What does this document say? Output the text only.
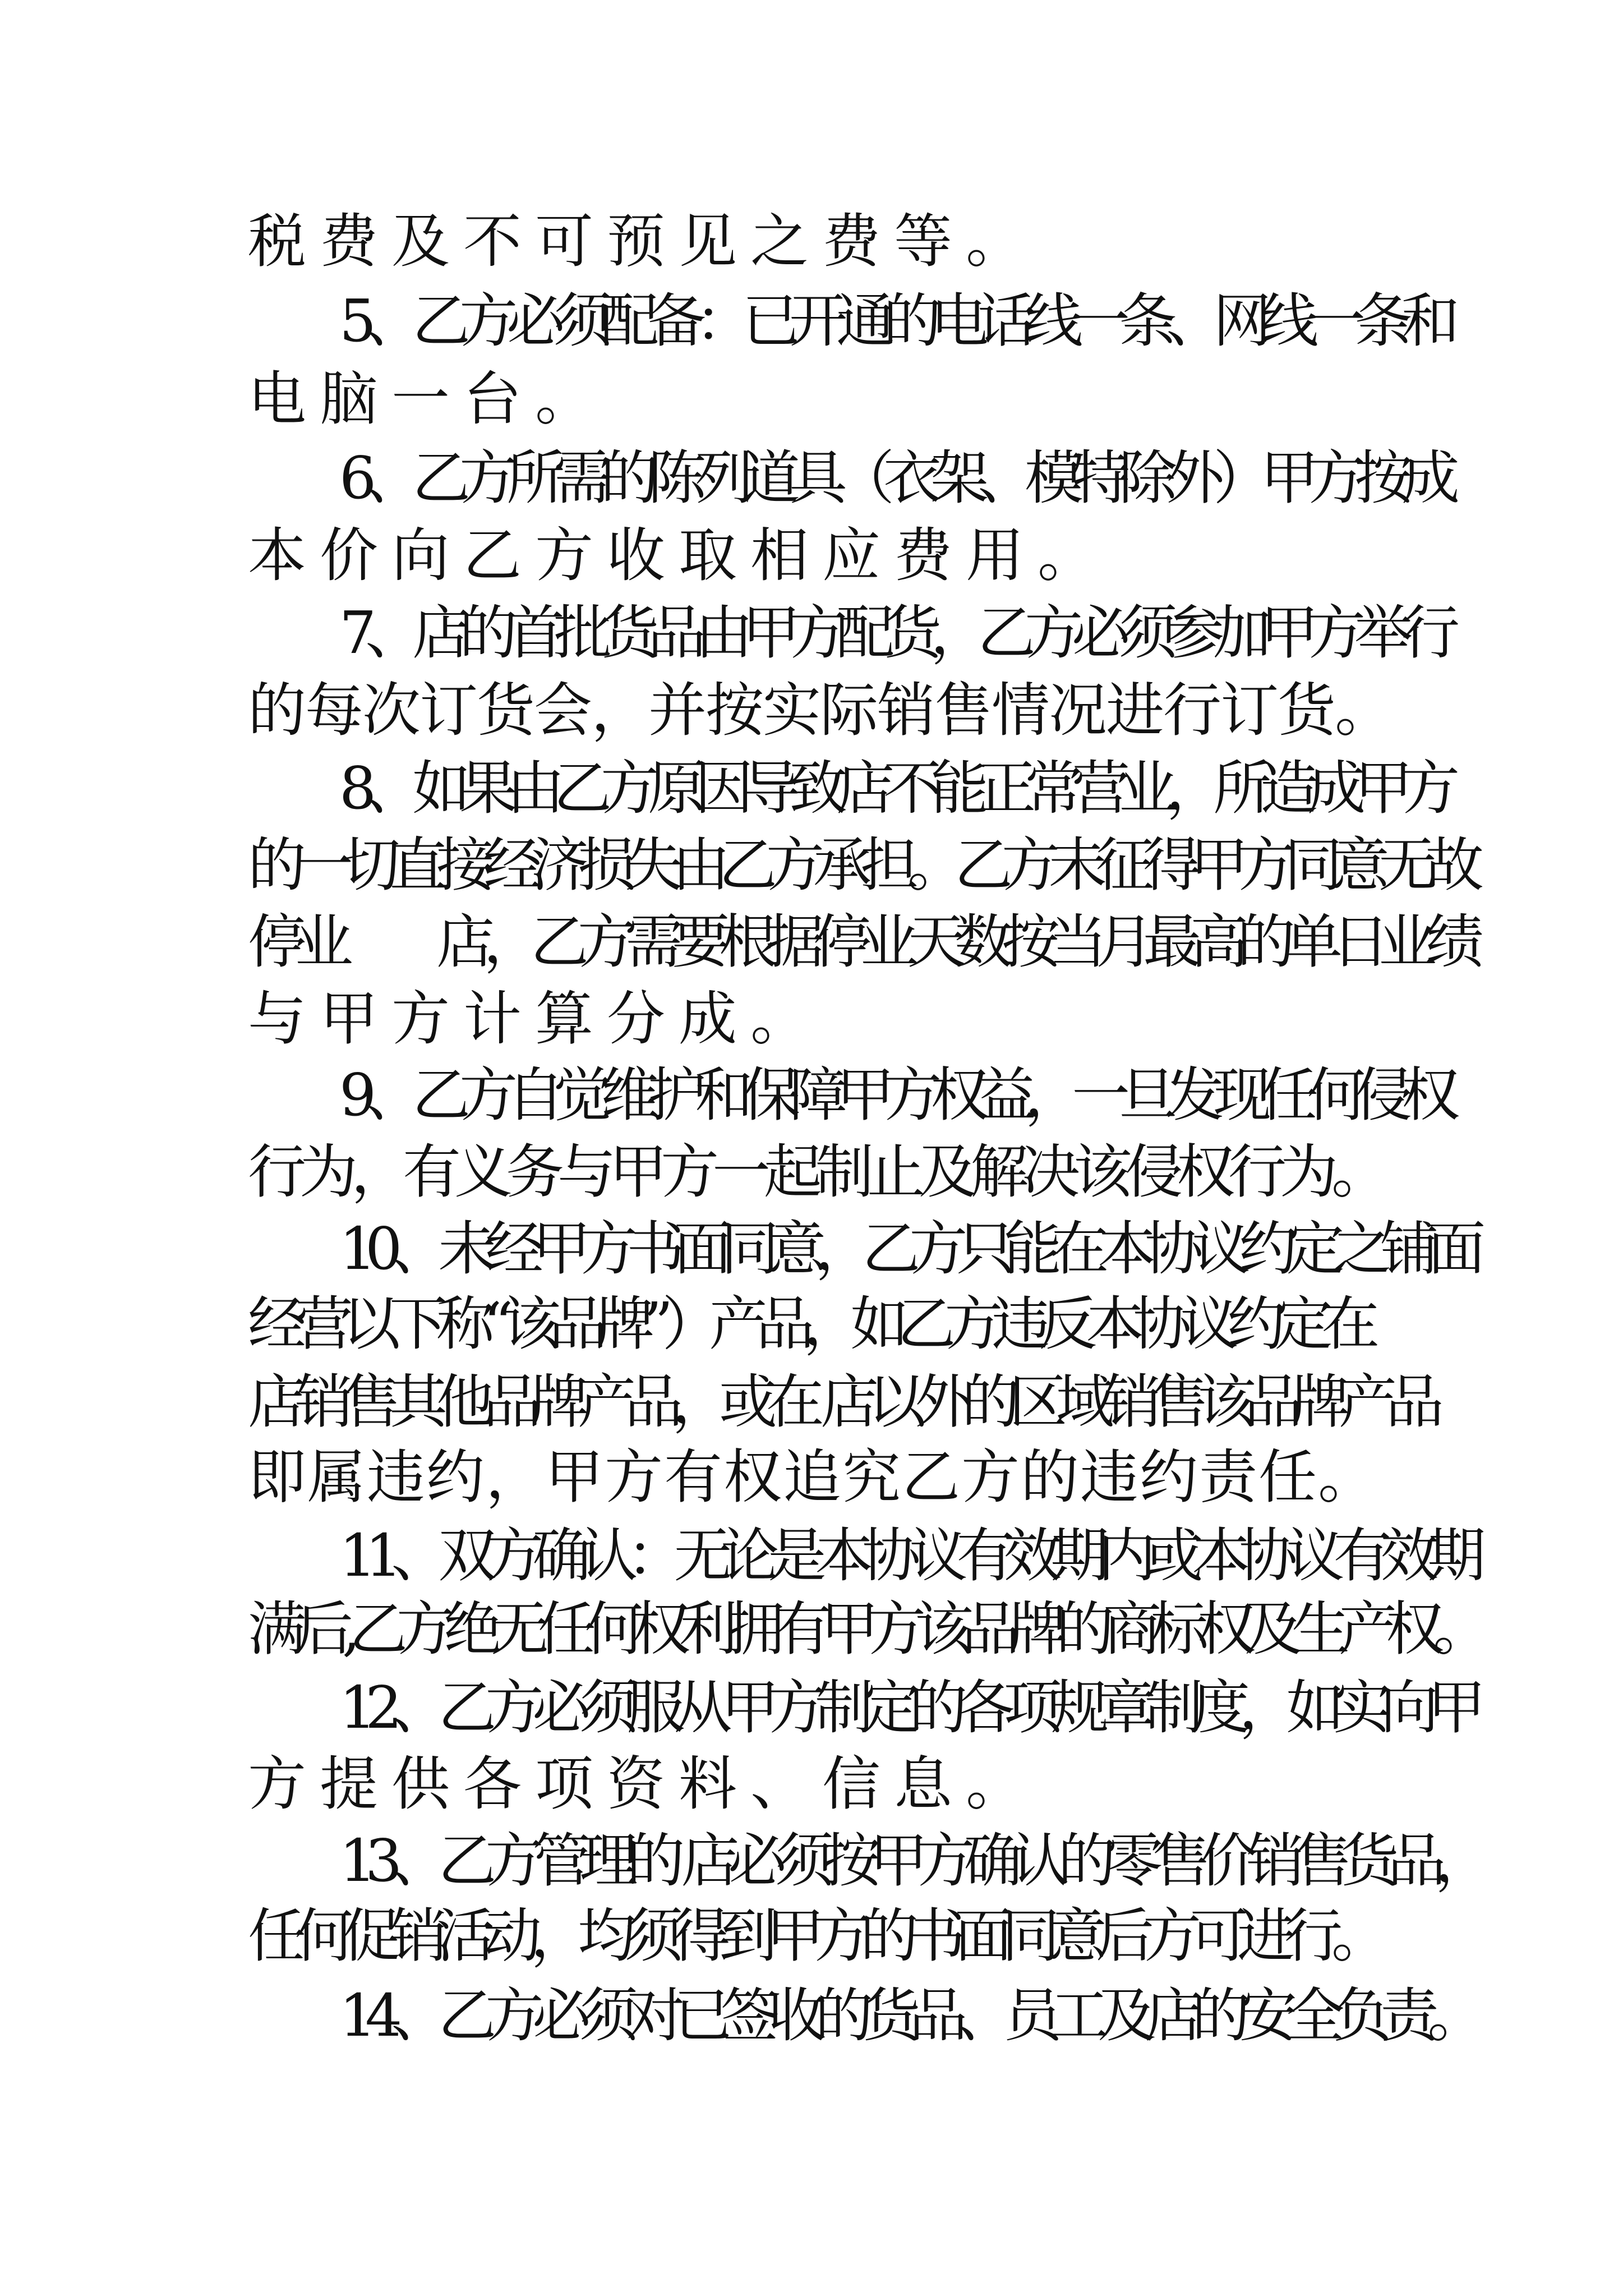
税费及不可预见之费等。
5、乙方必须配备：已开通的电话线一条、网线一条和
电脑一台。
6、乙方所需的陈列道具（衣架、模特除外）甲方按成
本价向乙方收取相应费用。
7、店的首批货品由甲方配货，乙方必须参加甲方举行
的每次订货会，并按实际销售情况进行订货。
8、如果由乙方原因导致店不能正常营业，所造成甲方
的一切直接经济损失由乙方承担。乙方未征得甲方同意无故
停业　　店，乙方需要根据停业天数按当月最高的单日业绩
与甲方计算分成。
9、乙方自觉维护和保障甲方权益，一旦发现任何侵权
行为，有义务与甲方一起制止及解决该侵权行为。
10、未经甲方书面同意，乙方只能在本协议约定之铺面
经营以下称“该品牌”）产品，如乙方违反本协议约定在
店销售其他品牌产品，或在 店以外的区域销售该品牌产品
即属违约，甲方有权追究乙方的违约责任。
11、双方确认：无论是本协议有效期内或本协议有效期
满后,乙方绝无任何权利拥有甲方该品牌的商标权及生产权。
12、乙方必须服从甲方制定的各项规章制度，如实向甲
方提供各项资料、信息。
13、乙方管理的 店必须按甲方确认的零售价销售货品，
任何促销活动，均须得到甲方的书面同意后方可进行。
14、乙方必须对已签收的货品、员工及店的安全负责。
